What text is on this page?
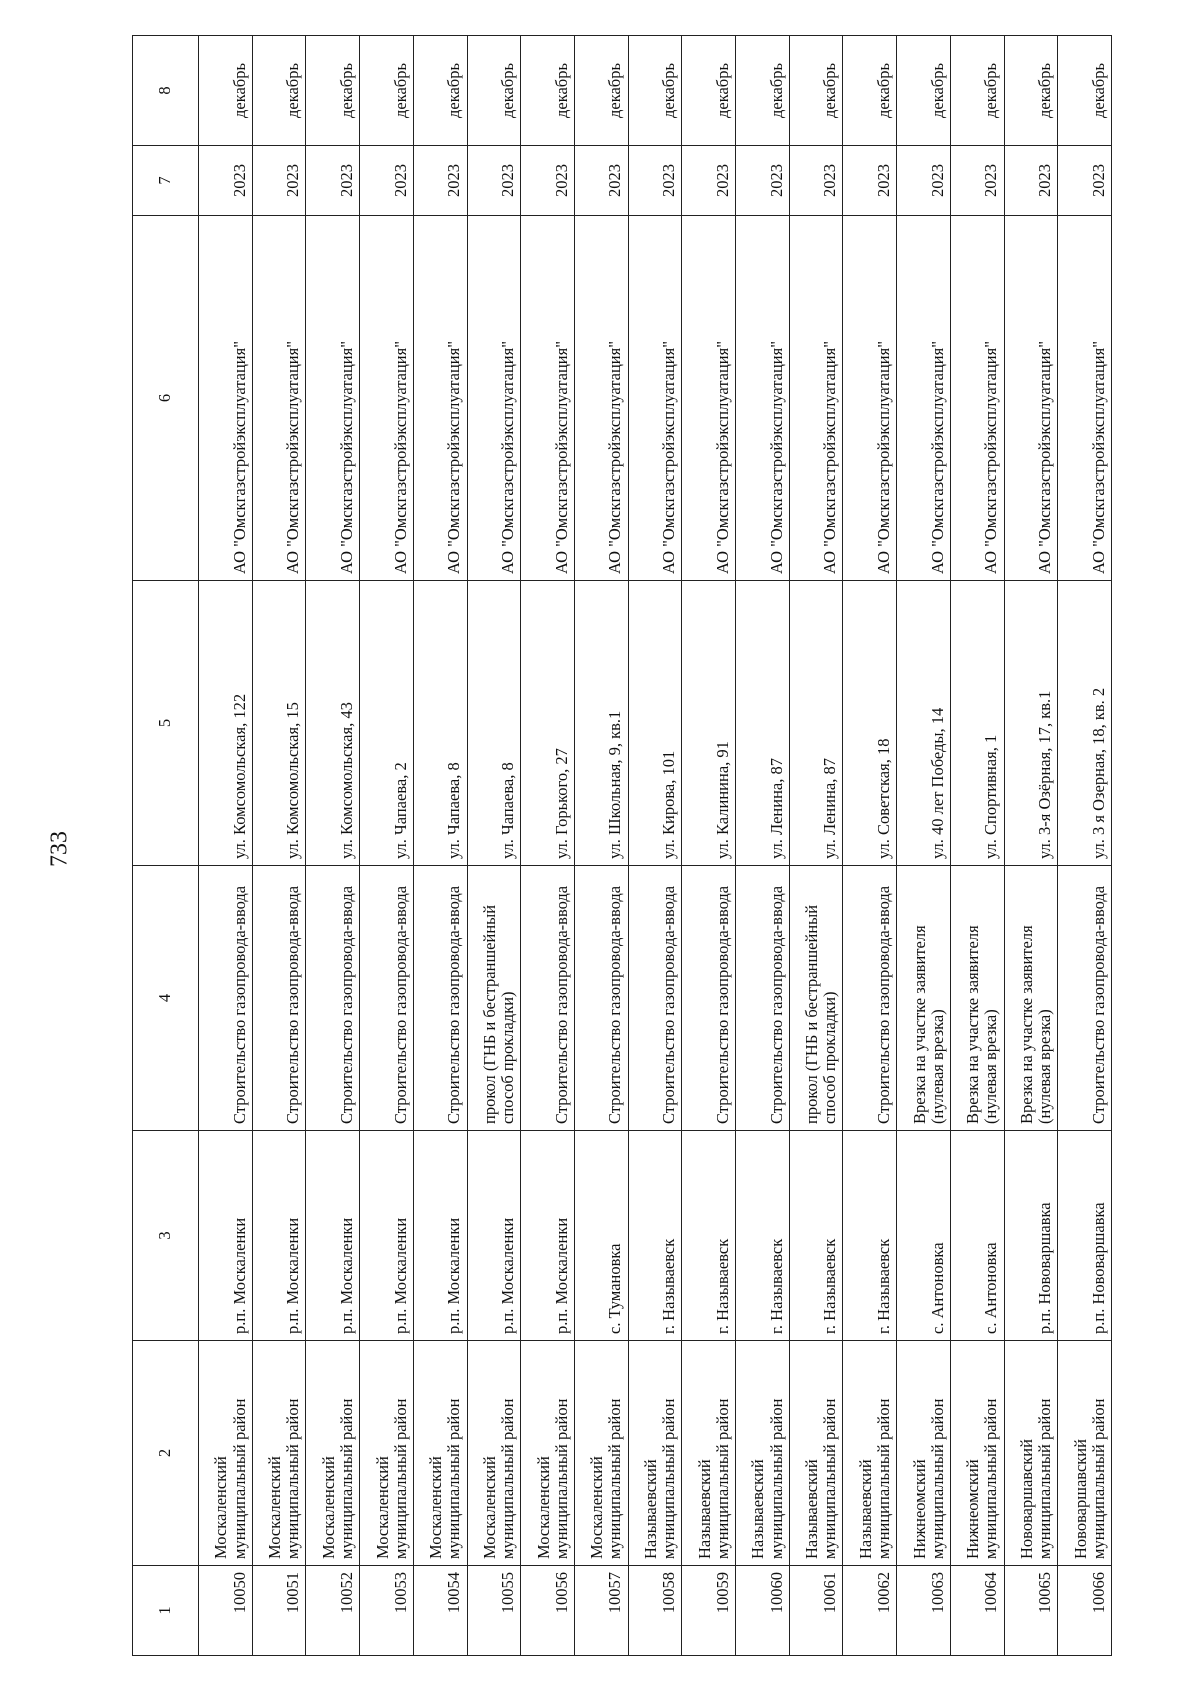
733
1	2	3	4	5	6	7	8
10050	Москаленский муниципальный район	р.п. Москаленки	Строительство газопровода-ввода	ул. Комсомольская, 122	АО "Омскгазстройэксплуатация"	2023	декабрь
10051	Москаленский муниципальный район	р.п. Москаленки	Строительство газопровода-ввода	ул. Комсомольская, 15	АО "Омскгазстройэксплуатация"	2023	декабрь
10052	Москаленский муниципальный район	р.п. Москаленки	Строительство газопровода-ввода	ул. Комсомольская, 43	АО "Омскгазстройэксплуатация"	2023	декабрь
10053	Москаленский муниципальный район	р.п. Москаленки	Строительство газопровода-ввода	ул. Чапаева, 2	АО "Омскгазстройэксплуатация"	2023	декабрь
10054	Москаленский муниципальный район	р.п. Москаленки	Строительство газопровода-ввода	ул. Чапаева, 8	АО "Омскгазстройэксплуатация"	2023	декабрь
10055	Москаленский муниципальный район	р.п. Москаленки	прокол (ГНБ и бестраншейный способ прокладки)	ул. Чапаева, 8	АО "Омскгазстройэксплуатация"	2023	декабрь
10056	Москаленский муниципальный район	р.п. Москаленки	Строительство газопровода-ввода	ул. Горького, 27	АО "Омскгазстройэксплуатация"	2023	декабрь
10057	Москаленский муниципальный район	с. Тумановка	Строительство газопровода-ввода	ул. Школьная, 9, кв.1	АО "Омскгазстройэксплуатация"	2023	декабрь
10058	Называевский муниципальный район	г. Называевск	Строительство газопровода-ввода	ул. Кирова, 101	АО "Омскгазстройэксплуатация"	2023	декабрь
10059	Называевский муниципальный район	г. Называевск	Строительство газопровода-ввода	ул. Калинина, 91	АО "Омскгазстройэксплуатация"	2023	декабрь
10060	Называевский муниципальный район	г. Называевск	Строительство газопровода-ввода	ул. Ленина, 87	АО "Омскгазстройэксплуатация"	2023	декабрь
10061	Называевский муниципальный район	г. Называевск	прокол (ГНБ и бестраншейный способ прокладки)	ул. Ленина, 87	АО "Омскгазстройэксплуатация"	2023	декабрь
10062	Называевский муниципальный район	г. Называевск	Строительство газопровода-ввода	ул. Советская, 18	АО "Омскгазстройэксплуатация"	2023	декабрь
10063	Нижнеомский муниципальный район	с. Антоновка	Врезка на участке заявителя (нулевая врезка)	ул. 40 лет Победы, 14	АО "Омскгазстройэксплуатация"	2023	декабрь
10064	Нижнеомский муниципальный район	с. Антоновка	Врезка на участке заявителя (нулевая врезка)	ул. Спортивная, 1	АО "Омскгазстройэксплуатация"	2023	декабрь
10065	Нововаршавский муниципальный район	р.п. Нововаршавка	Врезка на участке заявителя (нулевая врезка)	ул. 3-я Озёрная, 17, кв.1	АО "Омскгазстройэксплуатация"	2023	декабрь
10066	Нововаршавский муниципальный район	р.п. Нововаршавка	Строительство газопровода-ввода	ул. 3 я Озерная, 18, кв. 2	АО "Омскгазстройэксплуатация"	2023	декабрь
